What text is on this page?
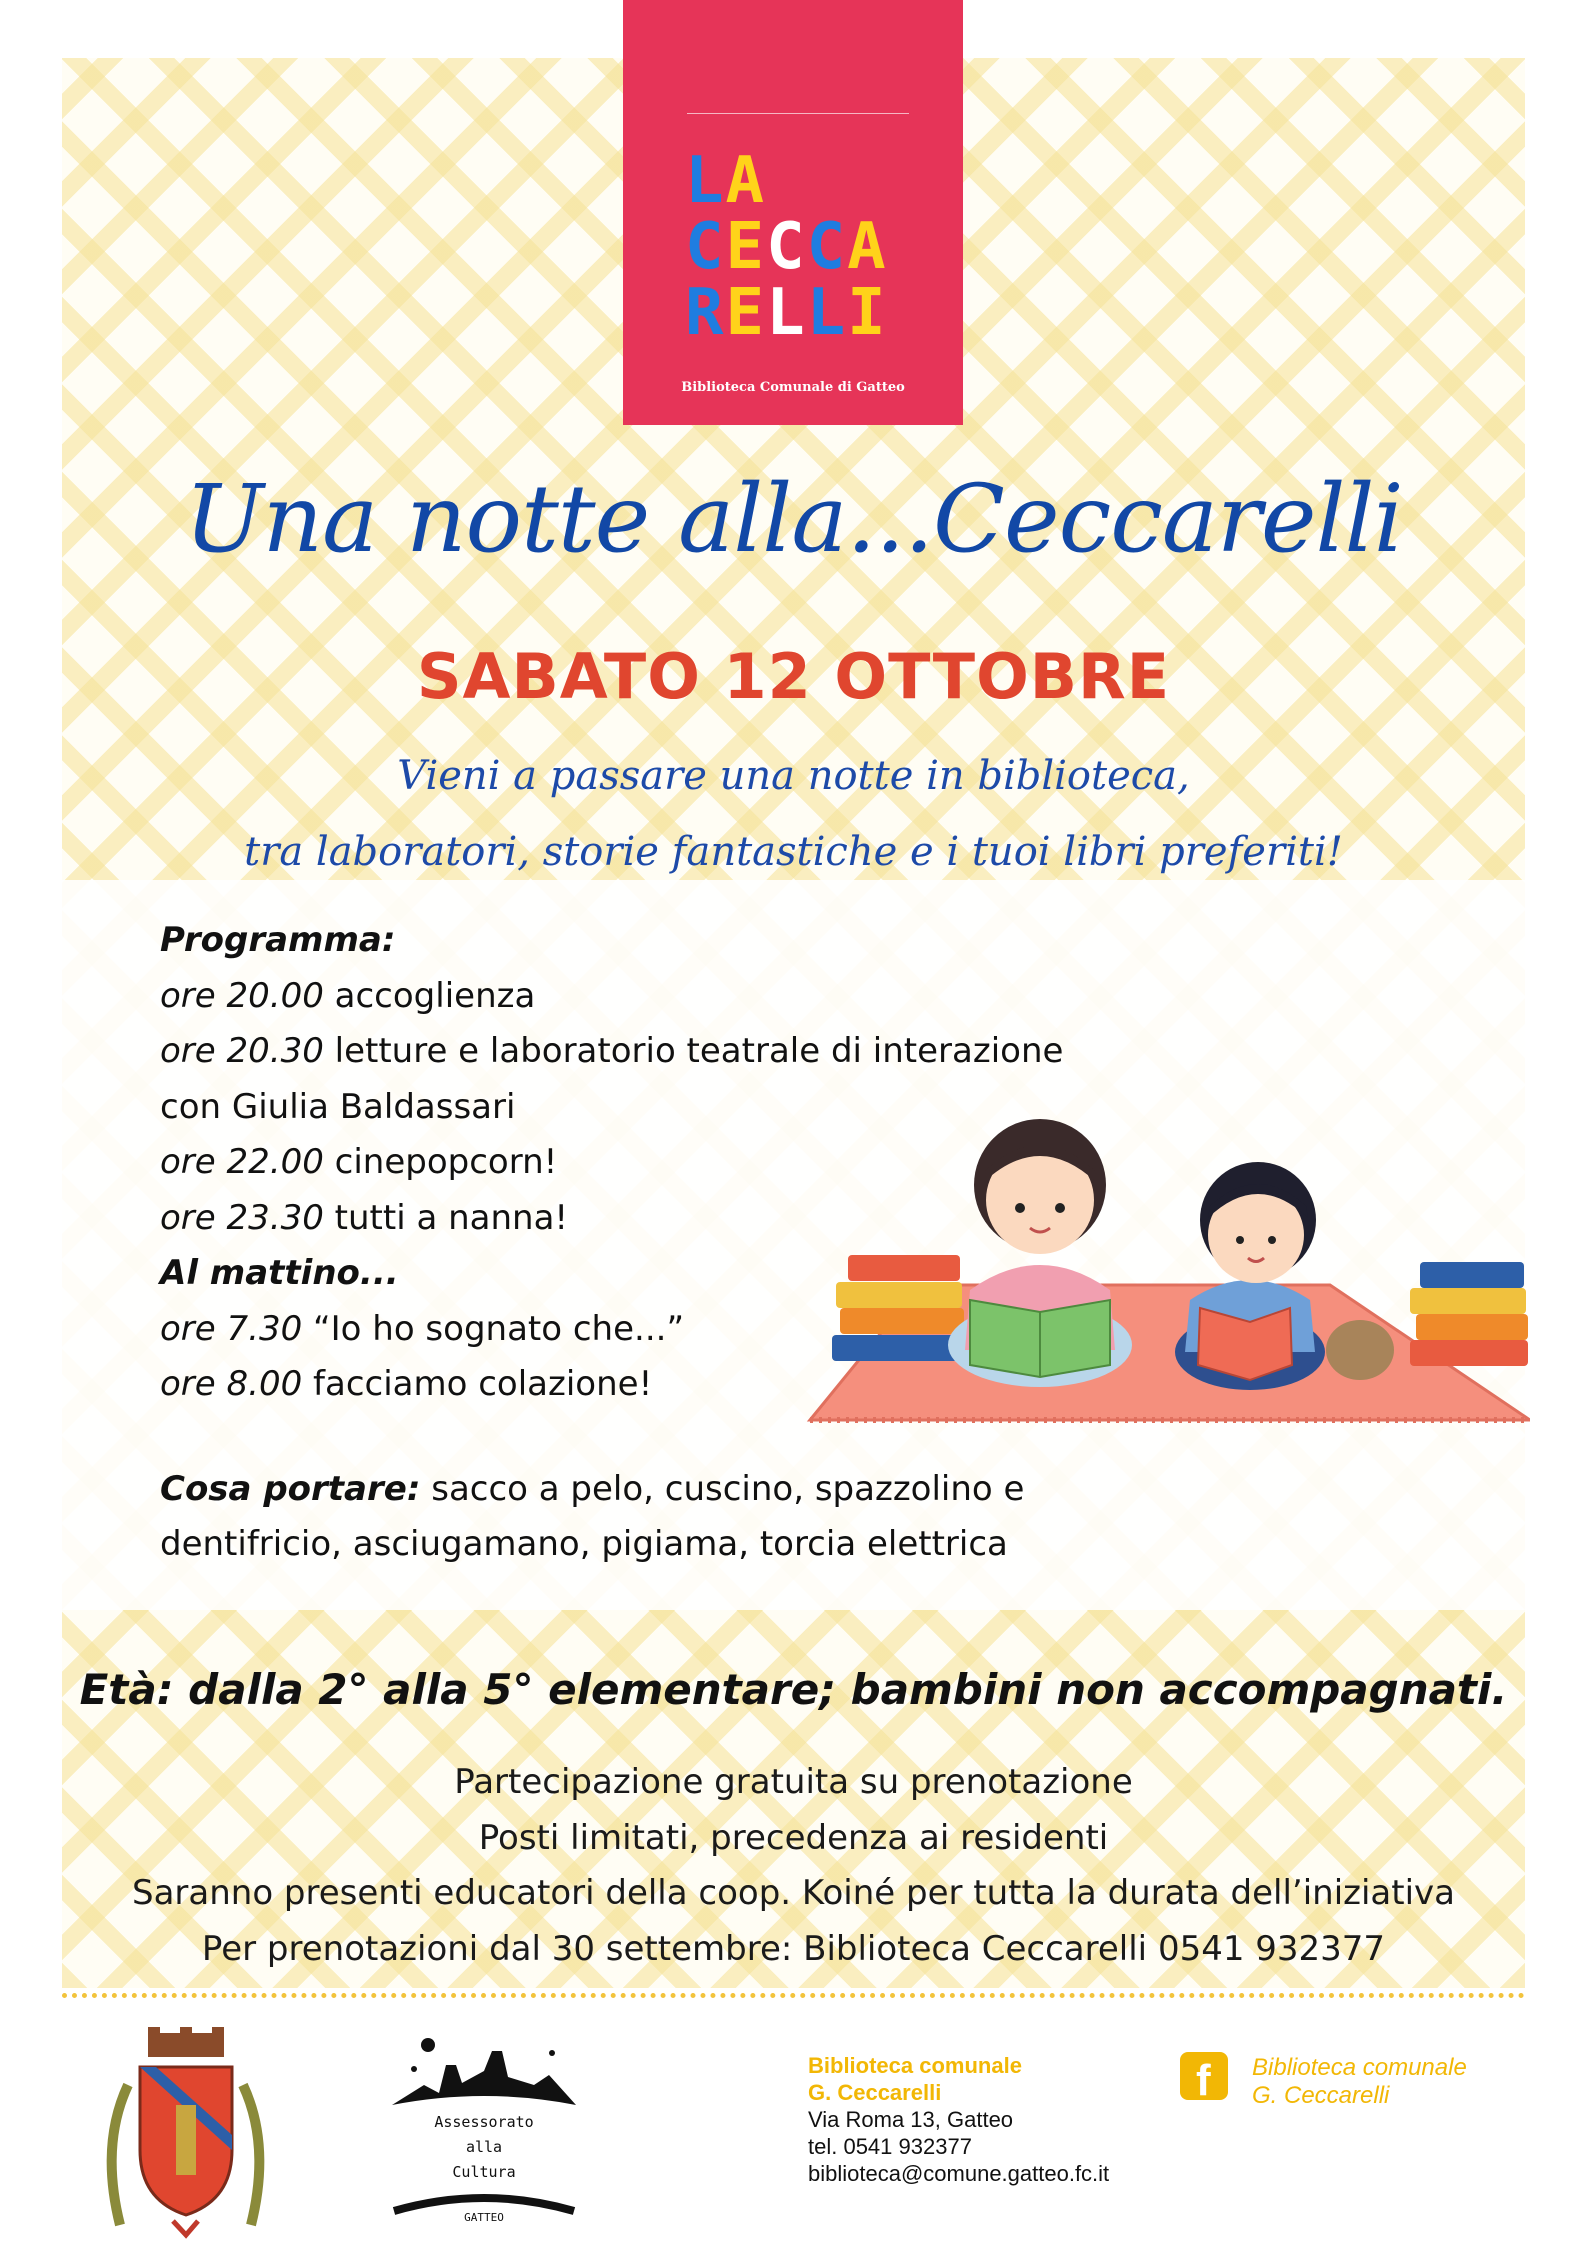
LA
CECCA
RELLI
Biblioteca Comunale di Gatteo
Una notte alla...Ceccarelli
SABATO 12 OTTOBRE
Vieni a passare una notte in biblioteca,
tra laboratori, storie fantastiche e i tuoi libri preferiti!
Programma:
ore 20.00 accoglienza
ore 20.30 letture e laboratorio teatrale di interazione
con Giulia Baldassari
ore 22.00 cinepopcorn!
ore 23.30 tutti a nanna!
Al mattino...
ore 7.30 “Io ho sognato che...”
ore 8.00 facciamo colazione!
Cosa portare: sacco a pelo, cuscino, spazzolino e
dentifricio, asciugamano, pigiama, torcia elettrica
Età: dalla 2° alla 5° elementare; bambini non accompagnati.
Partecipazione gratuita su prenotazione
Posti limitati, precedenza ai residenti
Saranno presenti educatori della coop. Koiné per tutta la durata dell’iniziativa
Per prenotazioni dal 30 settembre: Biblioteca Ceccarelli 0541 932377
Assessorato
alla
Cultura
GATTEO
Biblioteca comunale
G. Ceccarelli
Via Roma 13, Gatteo
tel. 0541 932377
biblioteca@comune.gatteo.fc.it
f Biblioteca comunale
G. Ceccarelli
